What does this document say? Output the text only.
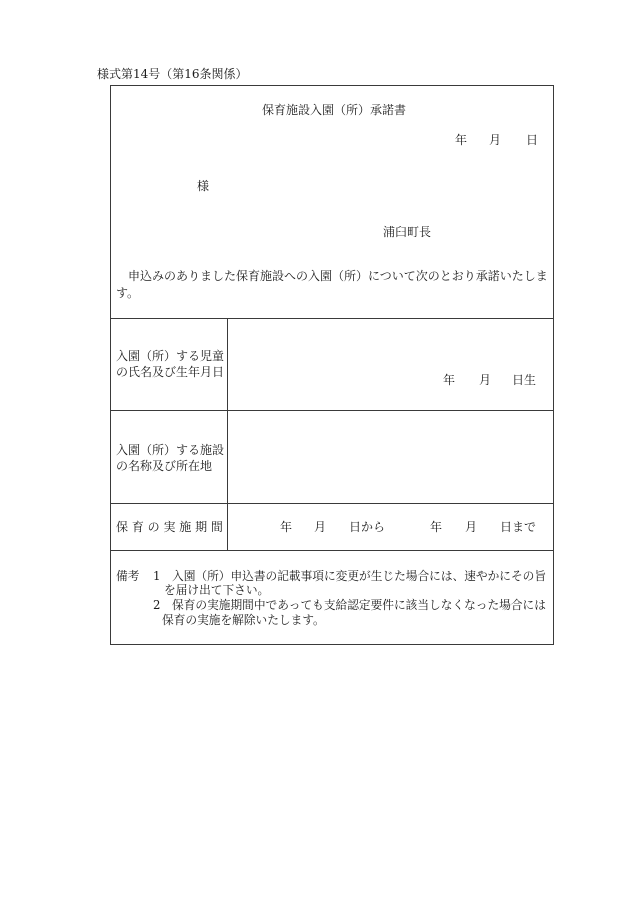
様式第14号（第16条関係）
保育施設入園（所）承諾書
年 月 日
様
浦臼町長
　申込みのありました保育施設への入園（所）について次のとおり承諾いたしま
す。
入園（所）する児童
の氏名及び生年月日
年 月 日生
入園（所）する施設
の名称及び所在地
保 育 の 実 施 期 間	年 月 日から	年 月 日まで
備考 1 入園（所）申込書の記載事項に変更が生じた場合には、速やかにその旨
を届け出て下さい。
2 保育の実施期間中であっても支給認定要件に該当しなくなった場合には
保育の実施を解除いたします。
